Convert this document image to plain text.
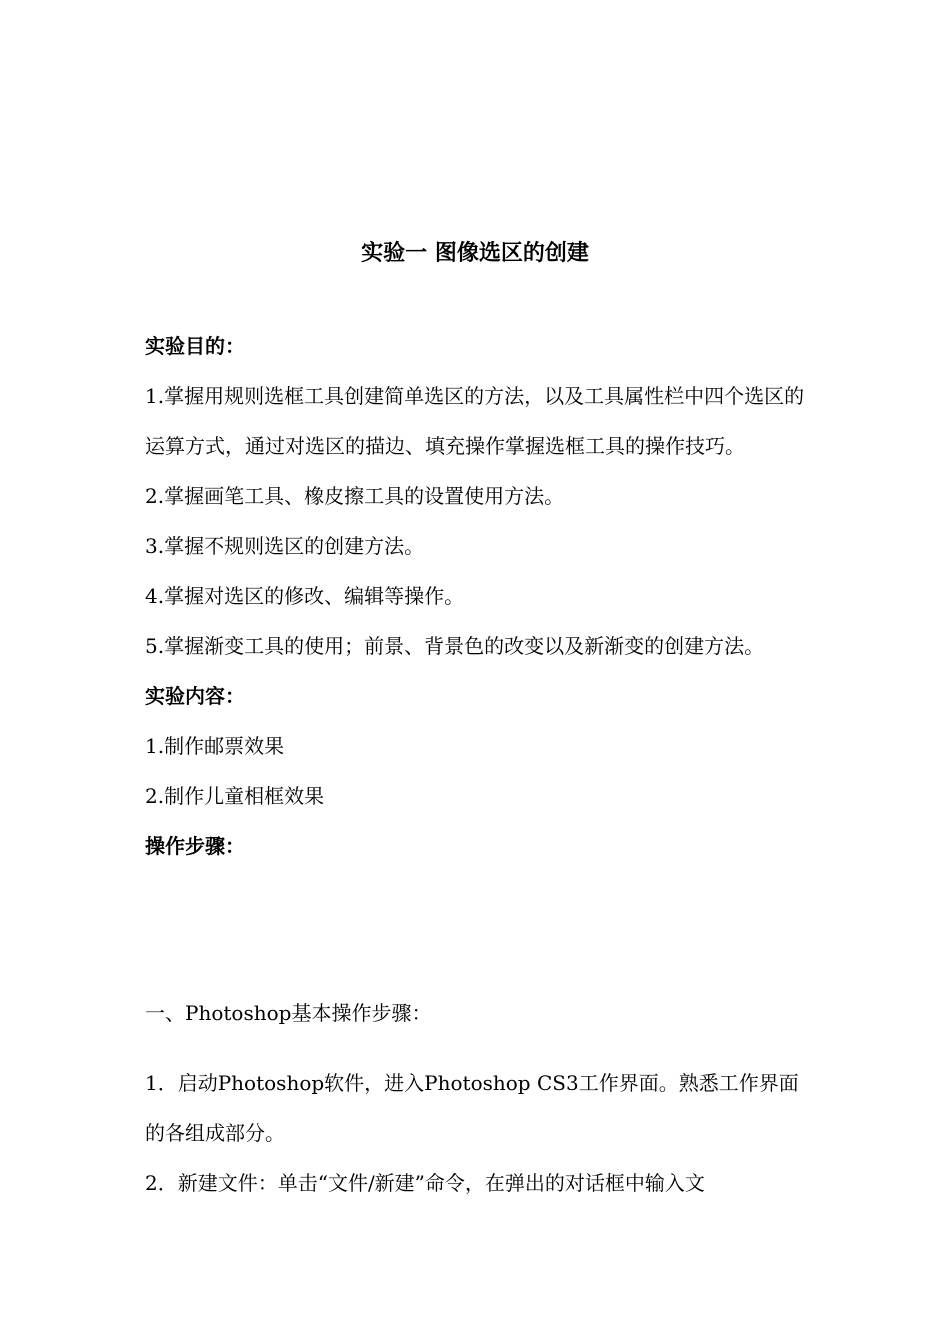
实验一 图像选区的创建
实验目的：

1.掌握用规则选框工具创建简单选区的方法，以及工具属性栏中四个选区的运算方式，通过对选区的描边、填充操作掌握选框工具的操作技巧。

2.掌握画笔工具、橡皮擦工具的设置使用方法。

3.掌握不规则选区的创建方法。

4.掌握对选区的修改、编辑等操作。

5.掌握渐变工具的使用；前景、背景色的改变以及新渐变的创建方法。

实验内容：

1.制作邮票效果

2.制作儿童相框效果

操作步骤：

一、Photoshop基本操作步骤：

1．启动Photoshop软件，进入Photoshop CS3工作界面。熟悉工作界面的各组成部分。

2．新建文件：单击“文件/新建”命令，在弹出的对话框中输入文
